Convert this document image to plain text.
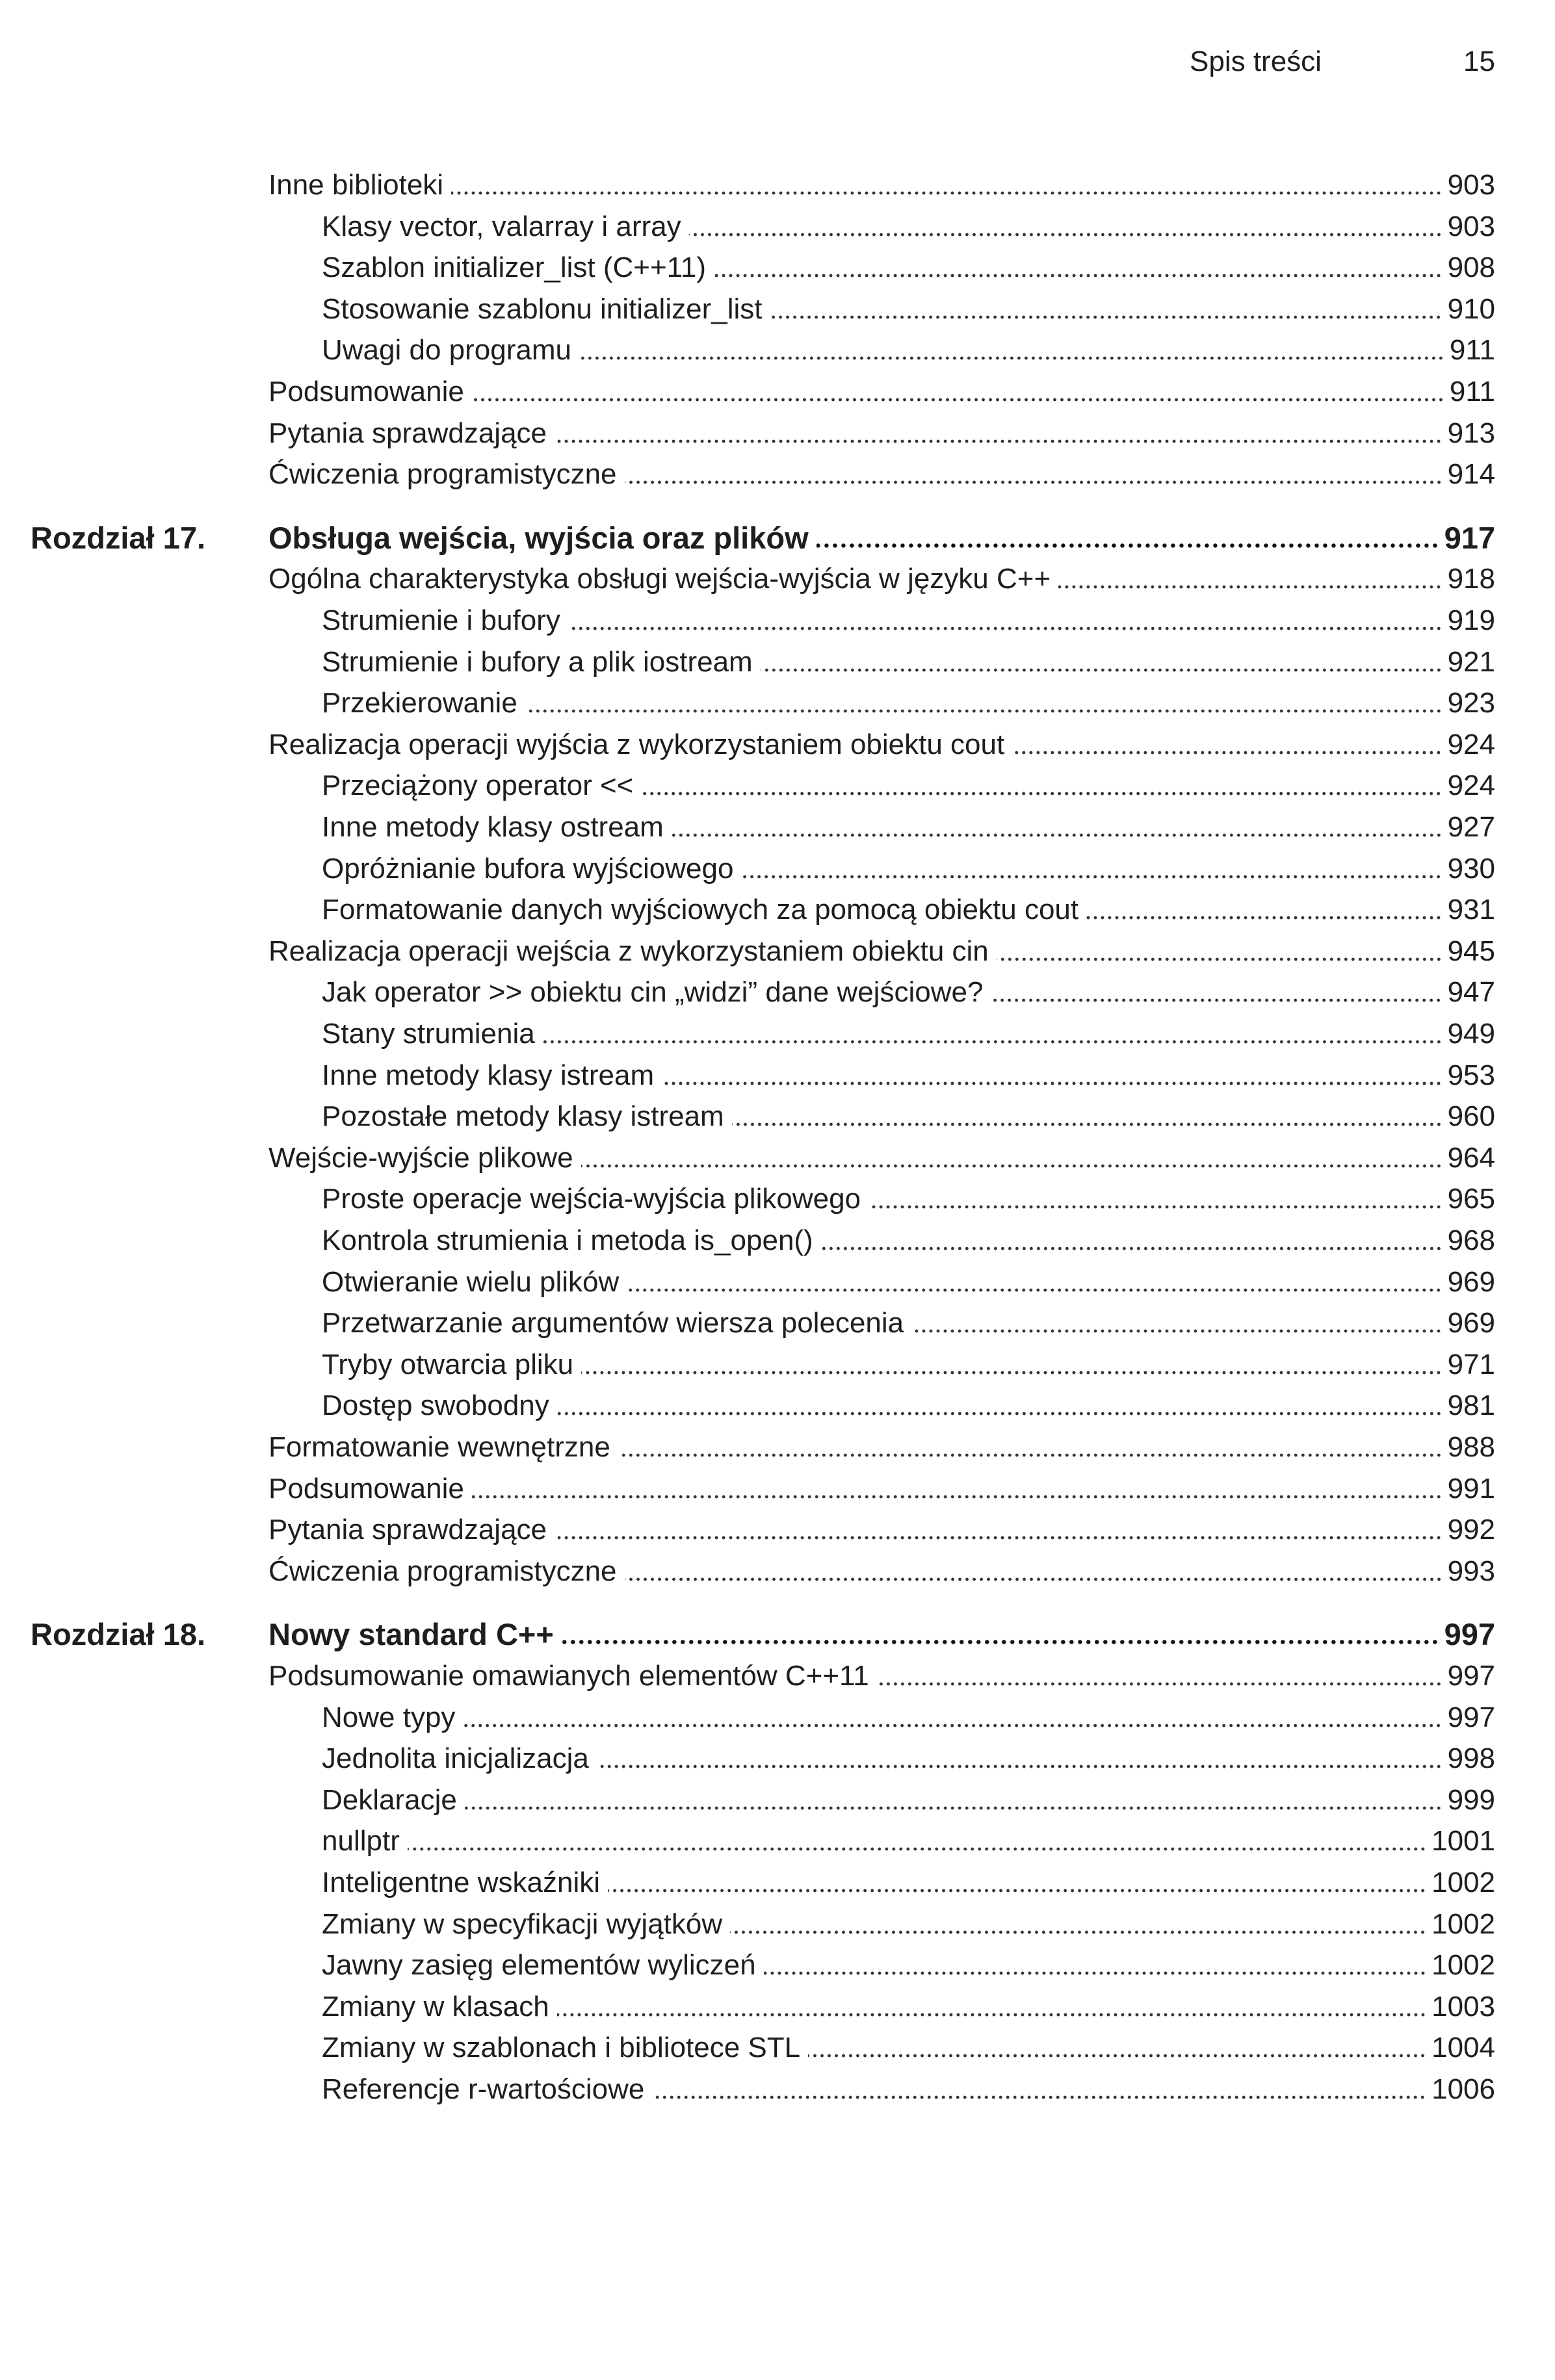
Spis treści	15
Inne biblioteki	903
Klasy vector, valarray i array	903
Szablon initializer_list (C++11)	908
Stosowanie szablonu initializer_list	910
Uwagi do programu	911
Podsumowanie	911
Pytania sprawdzające	913
Ćwiczenia programistyczne	914
Rozdział 17. Obsługa wejścia, wyjścia oraz plików	917
Ogólna charakterystyka obsługi wejścia-wyjścia w języku C++	918
Strumienie i bufory	919
Strumienie i bufory a plik iostream	921
Przekierowanie	923
Realizacja operacji wyjścia z wykorzystaniem obiektu cout	924
Przeciążony operator <<	924
Inne metody klasy ostream	927
Opróżnianie bufora wyjściowego	930
Formatowanie danych wyjściowych za pomocą obiektu cout	931
Realizacja operacji wejścia z wykorzystaniem obiektu cin	945
Jak operator >> obiektu cin „widzi” dane wejściowe?	947
Stany strumienia	949
Inne metody klasy istream	953
Pozostałe metody klasy istream	960
Wejście-wyjście plikowe	964
Proste operacje wejścia-wyjścia plikowego	965
Kontrola strumienia i metoda is_open()	968
Otwieranie wielu plików	969
Przetwarzanie argumentów wiersza polecenia	969
Tryby otwarcia pliku	971
Dostęp swobodny	981
Formatowanie wewnętrzne	988
Podsumowanie	991
Pytania sprawdzające	992
Ćwiczenia programistyczne	993
Rozdział 18. Nowy standard C++	997
Podsumowanie omawianych elementów C++11	997
Nowe typy	997
Jednolita inicjalizacja	998
Deklaracje	999
nullptr	1001
Inteligentne wskaźniki	1002
Zmiany w specyfikacji wyjątków	1002
Jawny zasięg elementów wyliczeń	1002
Zmiany w klasach	1003
Zmiany w szablonach i bibliotece STL	1004
Referencje r-wartościowe	1006
